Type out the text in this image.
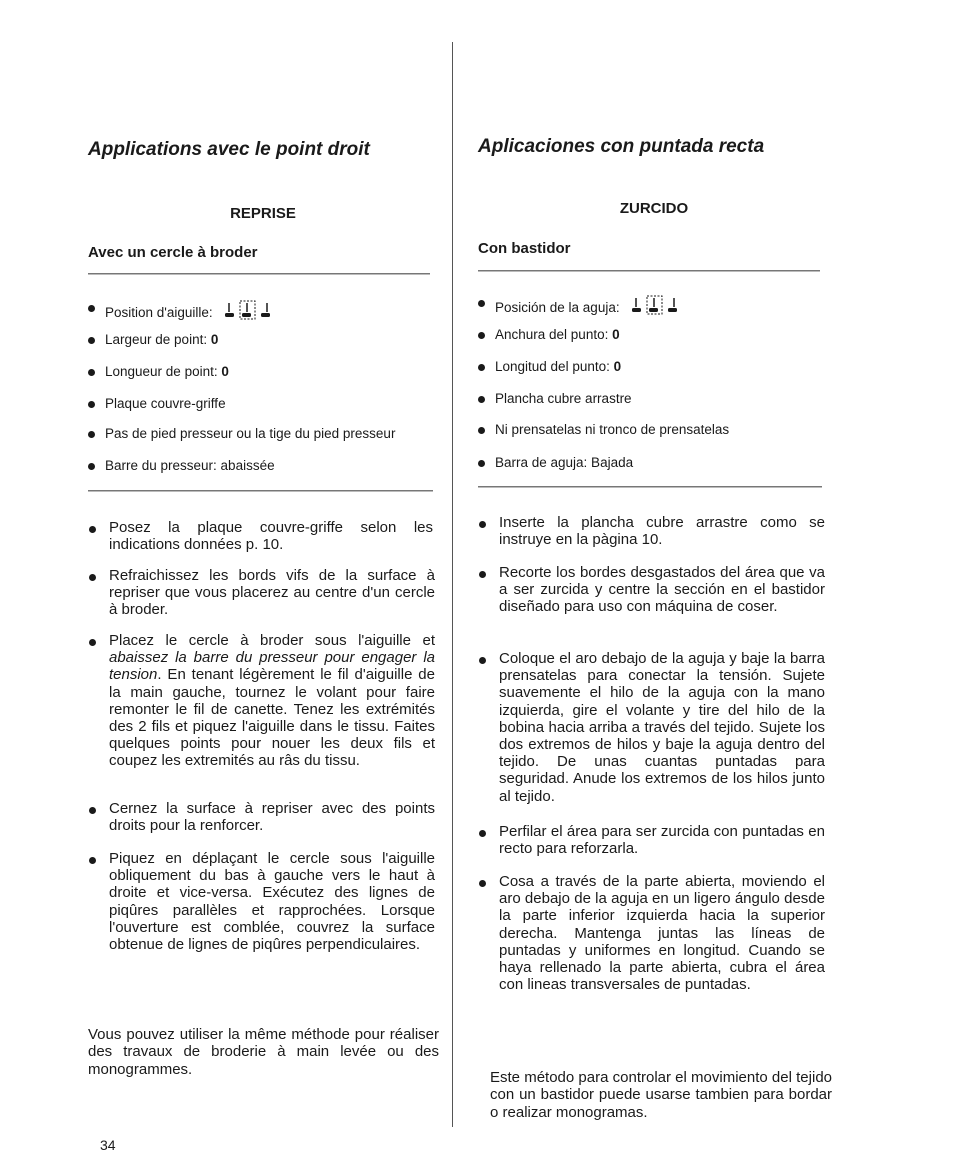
Applications avec le point droit
REPRISE
Avec un cercle à broder
Position d'aiguille:
Largeur de point: 0
Longueur de point: 0
Plaque couvre-griffe
Pas de pied presseur ou la tige du pied presseur
Barre du presseur: abaissée
Posez la plaque couvre-griffe selon les indications données p. 10.
Refraichissez les bords vifs de la surface à repriser que vous placerez au centre d'un cercle à broder.
Placez le cercle à broder sous l'aiguille et abaissez la barre du presseur pour engager la tension. En tenant légèrement le fil d'aiguille de la main gauche, tournez le volant pour faire remonter le fil de canette. Tenez les extrémités des 2 fils et piquez l'aiguille dans le tissu. Faites quelques points pour nouer les deux fils et coupez les extremités au râs du tissu.
Cernez la surface à repriser avec des points droits pour la renforcer.
Piquez en déplaçant le cercle sous l'aiguille obliquement du bas à gauche vers le haut à droite et vice-versa. Exécutez des lignes de piqûres parallèles et rapprochées. Lorsque l'ouverture est comblée, couvrez la surface obtenue de lignes de piqûres perpendiculaires.
Vous pouvez utiliser la même méthode pour réaliser des travaux de broderie à main levée ou des monogrammes.
Aplicaciones con puntada recta
ZURCIDO
Con bastidor
Posición de la aguja:
Anchura del punto: 0
Longitud del punto: 0
Plancha cubre arrastre
Ni prensatelas ni tronco de prensatelas
Barra de aguja: Bajada
Inserte la plancha cubre arrastre como se instruye en la pàgina 10.
Recorte los bordes desgastados del área que va a ser zurcida y centre la sección en el bastidor diseñado para uso con máquina de coser.
Coloque el aro debajo de la aguja y baje la barra prensatelas para conectar la tensión. Sujete suavemente el hilo de la aguja con la mano izquierda, gire el volante y tire del hilo de la bobina hacia arriba a través del tejido. Sujete los dos extremos de hilos y baje la aguja dentro del tejido. De unas cuantas puntadas para seguridad. Anude los extremos de los hilos junto al tejido.
Perfilar el área para ser zurcida con puntadas en recto para reforzarla.
Cosa a través de la parte abierta, moviendo el aro debajo de la aguja en un ligero ángulo desde la parte inferior izquierda hacia la superior derecha. Mantenga juntas las líneas de puntadas y uniformes en longitud. Cuando se haya rellenado la parte abierta, cubra el área con lineas transversales de puntadas.
Este método para controlar el movimiento del tejido con un bastidor puede usarse tambien para bordar o realizar monogramas.
34
